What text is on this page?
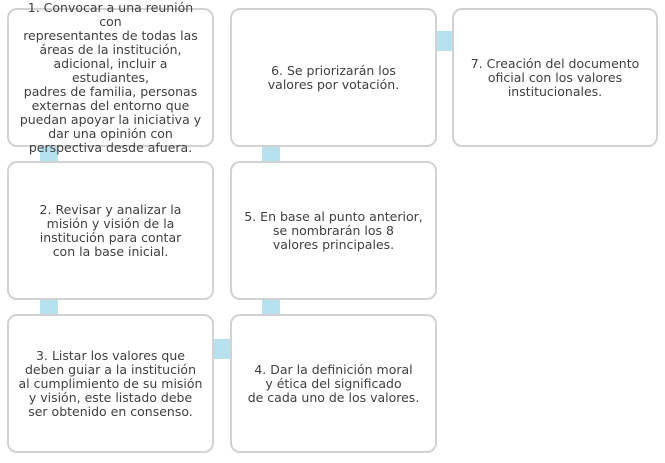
1. Convocar a una reunión con
representantes de todas las
áreas de la institución,
adicional, incluir a estudiantes,
padres de familia, personas
externas del entorno que
puedan apoyar la iniciativa y
dar una opinión con
perspectiva desde afuera.
2. Revisar y analizar la
misión y visión de la
institución para contar
con la base inicial.
3. Listar los valores que
deben guiar a la institución
al cumplimiento de su misión
y visión, este listado debe
ser obtenido en consenso.
4. Dar la definición moral
y ética del significado
de cada uno de los valores.
5. En base al punto anterior,
se nombrarán los 8
valores principales.
6. Se priorizarán los
valores por votación.
7. Creación del documento
oficial con los valores
institucionales.
